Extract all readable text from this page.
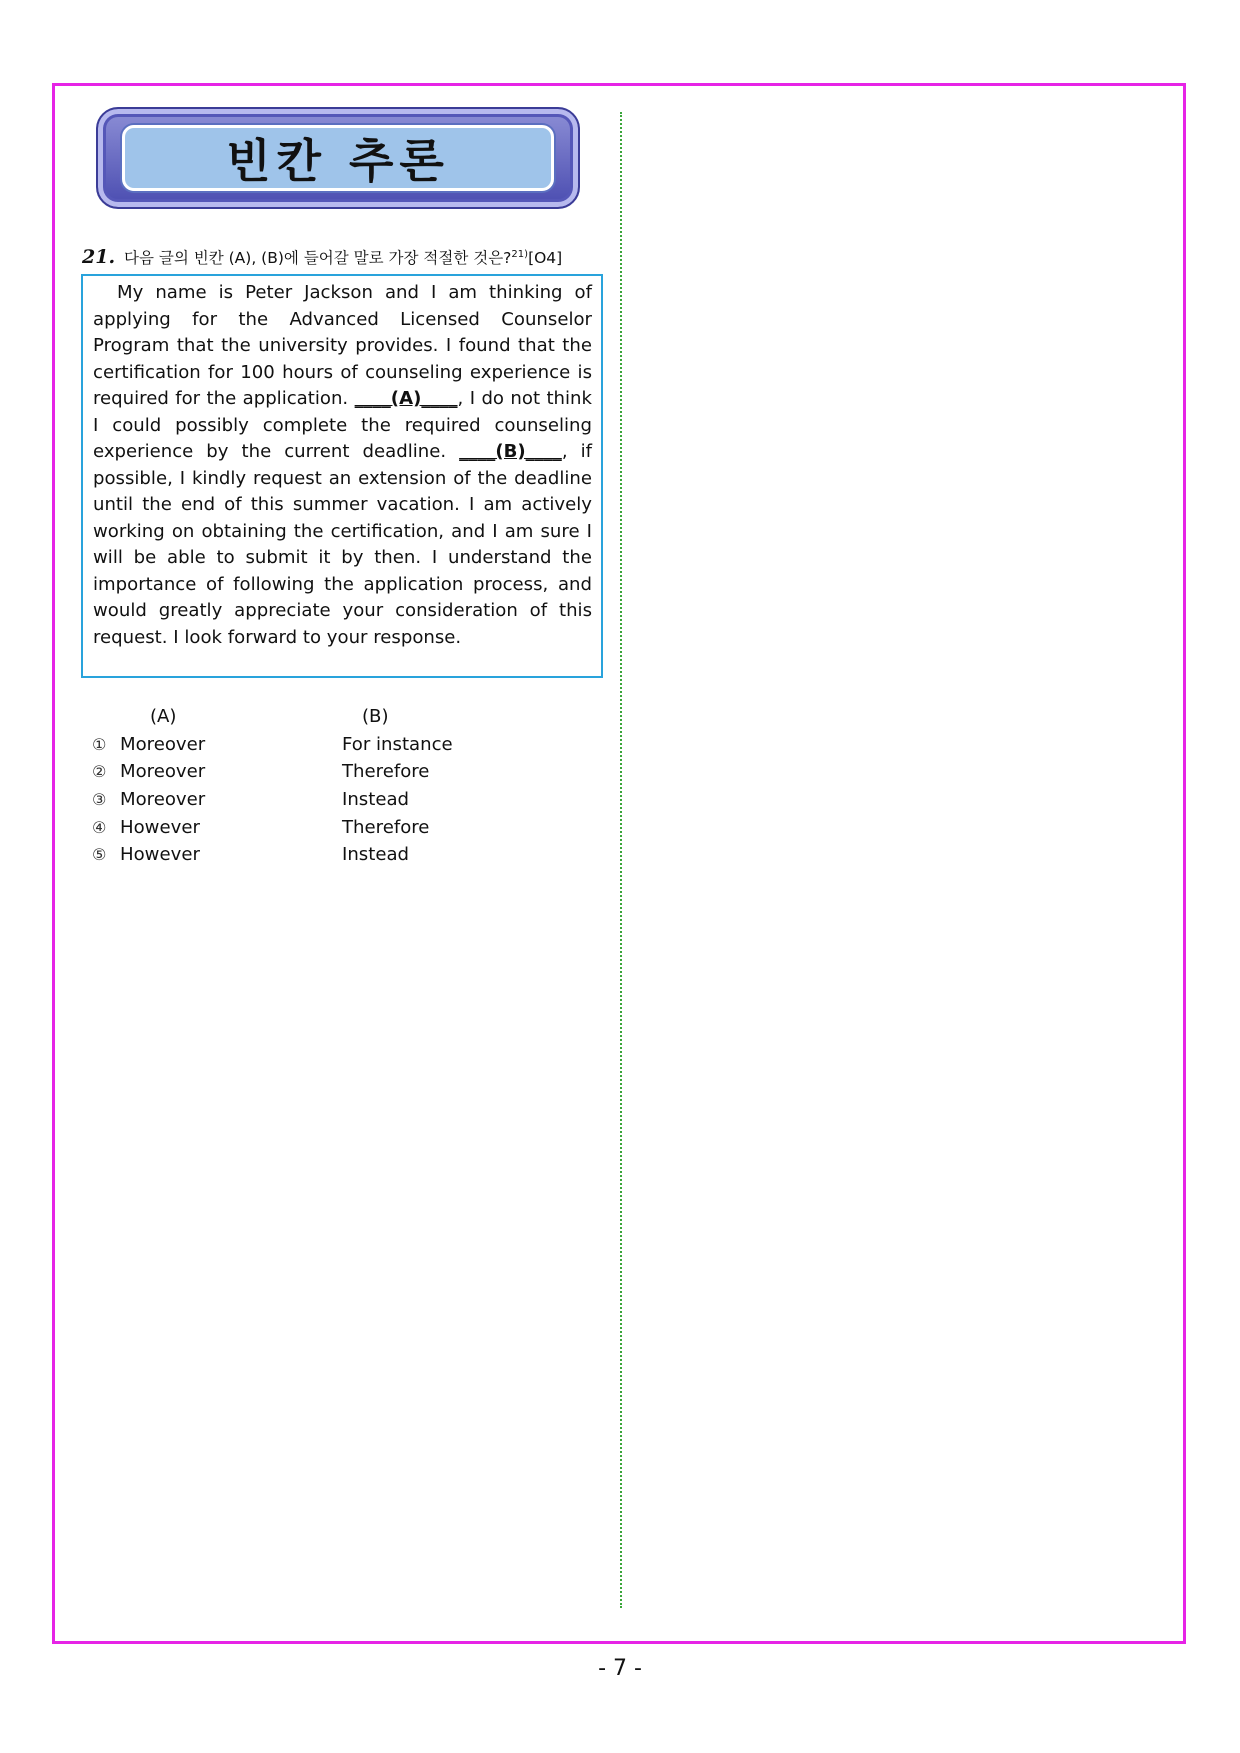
빈칸 추론
21. 다음 글의 빈칸 (A), (B)에 들어갈 말로 가장 적절한 것은?$^{21)}$[O4]
My name is Peter Jackson and I am thinking of applying for the Advanced Licensed Counselor Program that the university provides. I found that the certification for 100 hours of counseling experience is required for the application. ____(A)____, I do not think I could possibly complete the required counseling experience by the current deadline. ____(B)____, if possible, I kindly request an extension of the deadline until the end of this summer vacation. I am actively working on obtaining the certification, and I am sure I will be able to submit it by then. I understand the importance of following the application process, and would greatly appreciate your consideration of this request. I look forward to your response.
(A)	(B)
① Moreover	For instance
② Moreover	Therefore
③ Moreover	Instead
④ However	Therefore
⑤ However	Instead
- 7 -
